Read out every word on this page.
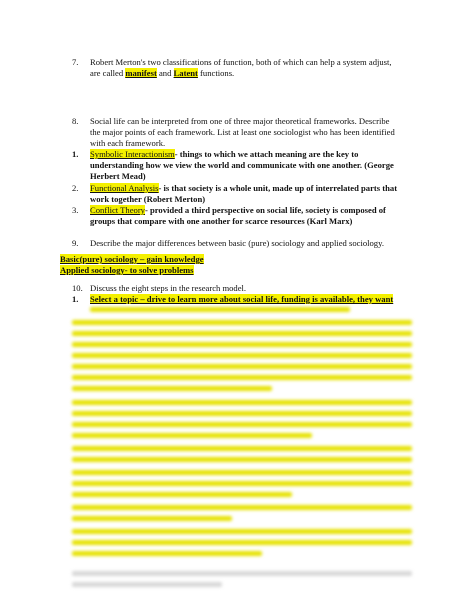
7. Robert Merton's two classifications of function, both of which can help a system adjust,
are called manifest and Latent functions.
8. Social life can be interpreted from one of three major theoretical frameworks. Describe
the major points of each framework. List at least one sociologist who has been identified
with each framework.
1. Symbolic Interactionism- things to which we attach meaning are the key to
understanding how we view the world and communicate with one another. (George
Herbert Mead)
2. Functional Analysis- is that society is a whole unit, made up of interrelated parts that
work together (Robert Merton)
3. Conflict Theory- provided a third perspective on social life, society is composed of
groups that compare with one another for scarce resources (Karl Marx)
9. Describe the major differences between basic (pure) sociology and applied sociology.
Basic(pure) sociology – gain knowledge
Applied sociology- to solve problems
10. Discuss the eight steps in the research model.
1. Select a topic – drive to learn more about social life, funding is available, they want
